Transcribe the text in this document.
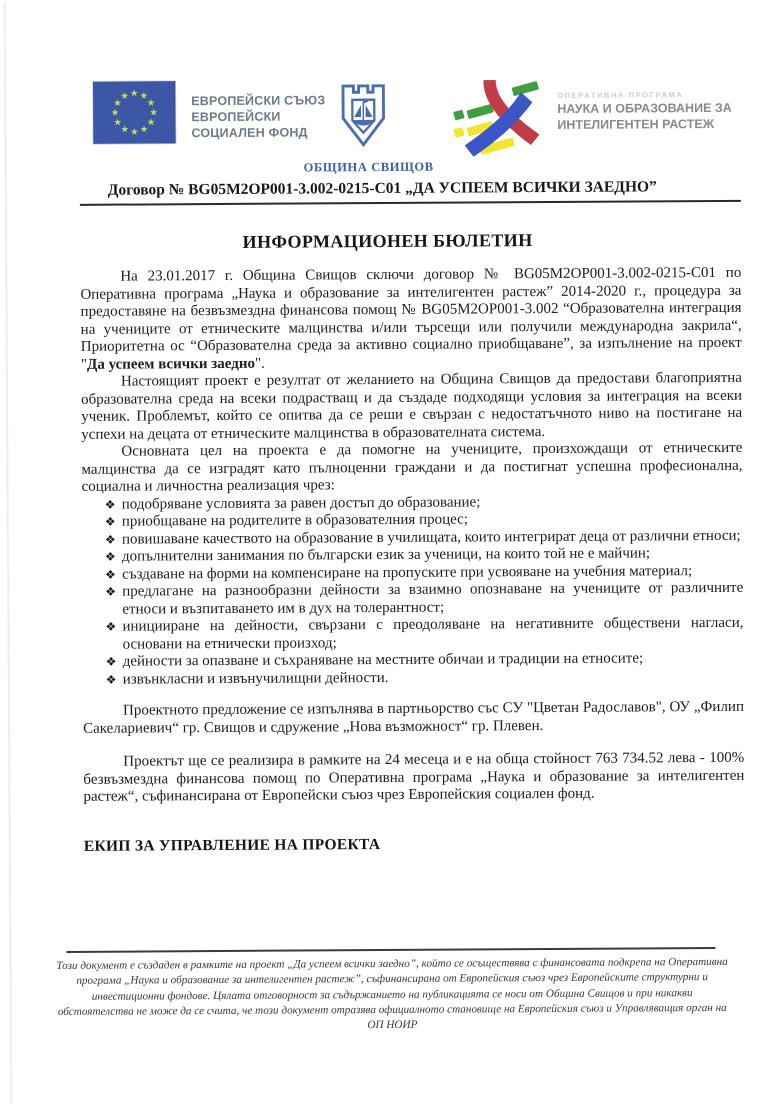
ЕВРОПЕЙСКИ СЪЮЗ
ЕВРОПЕЙСКИ
СОЦИАЛЕН ФОНД
ОБЩИНА СВИЩОВ
ОПЕРАТИВНА ПРОГРАМА
НАУКА И ОБРАЗОВАНИЕ ЗА
ИНТЕЛИГЕНТЕН РАСТЕЖ
Договор № BG05M2OP001-3.002-0215-C01 „ДА УСПЕЕМ ВСИЧКИ ЗАЕДНО”
ИНФОРМАЦИОНЕН БЮЛЕТИН

На 23.01.2017 г. Община Свищов сключи договор № BG05M2OP001-3.002-0215-C01 по Оперативна програма „Наука и образование за интелигентен растеж” 2014-2020 г., процедура за предоставяне на безвъзмездна финансова помощ № BG05M2OP001-3.002 “Образователна интеграция на учениците от етническите малцинства и/или търсещи или получили международна закрила“, Приоритетна ос “Образователна среда за активно социално приобщаване”, за изпълнение на проект "Да успеем всички заедно".

Настоящият проект е резултат от желанието на Община Свищов да предостави благоприятна образователна среда на всеки подрастващ и да създаде подходящи условия за интеграция на всеки ученик. Проблемът, който се опитва да се реши е свързан с недостатъчното ниво на постигане на успехи на децата от етническите малцинства в образователната система.

Основната цел на проекта е да помогне на учениците, произхождащи от етническите малцинства да се изградят като пълноценни граждани и да постигнат успешна професионална, социална и личностна реализация чрез:

❖ подобряване условията за равен достъп до образование;
❖ приобщаване на родителите в образователния процес;
❖ повишаване качеството на образование в училищата, които интегрират деца от различни етноси;
❖ допълнителни занимания по български език за ученици, на които той не е майчин;
❖ създаване на форми на компенсиране на пропуските при усвояване на учебния материал;
❖ предлагане на разнообразни дейности за взаимно опознаване на учениците от различните етноси и възпитаването им в дух на толерантност;
❖ иницииране на дейности, свързани с преодоляване на негативните обществени нагласи, основани на етнически произход;
❖ дейности за опазване и съхраняване на местните обичаи и традиции на етносите;
❖ извънкласни и извънучилищни дейности.

Проектното предложение се изпълнява в партньорство със СУ "Цветан Радославов", ОУ „Филип Сакелариевич“ гр. Свищов и сдружение „Нова възможност“ гр. Плевен.

Проектът ще се реализира в рамките на 24 месеца и е на обща стойност 763 734.52 лева - 100% безвъзмездна финансова помощ по Оперативна програма „Наука и образование за интелигентен растеж“, съфинансирана от Европейски съюз чрез Европейския социален фонд.

ЕКИП ЗА УПРАВЛЕНИЕ НА ПРОЕКТА
Този документ е създаден в рамките на проект „Да успеем всички заедно”, който се осъществява с финансовата подкрепа на Оперативна
програма „Наука и образование за интелигентен растеж”, съфинансирана от Европейския съюз чрез Европейските структурни и
инвестиционни фондове. Цялата отговорност за съдържанието на публикацията се носи от Община Свищов и при никакви
обстоятелства не може да се счита, че този документ отразява официалното становище на Европейския съюз и Управляващия орган на
ОП НОИР
